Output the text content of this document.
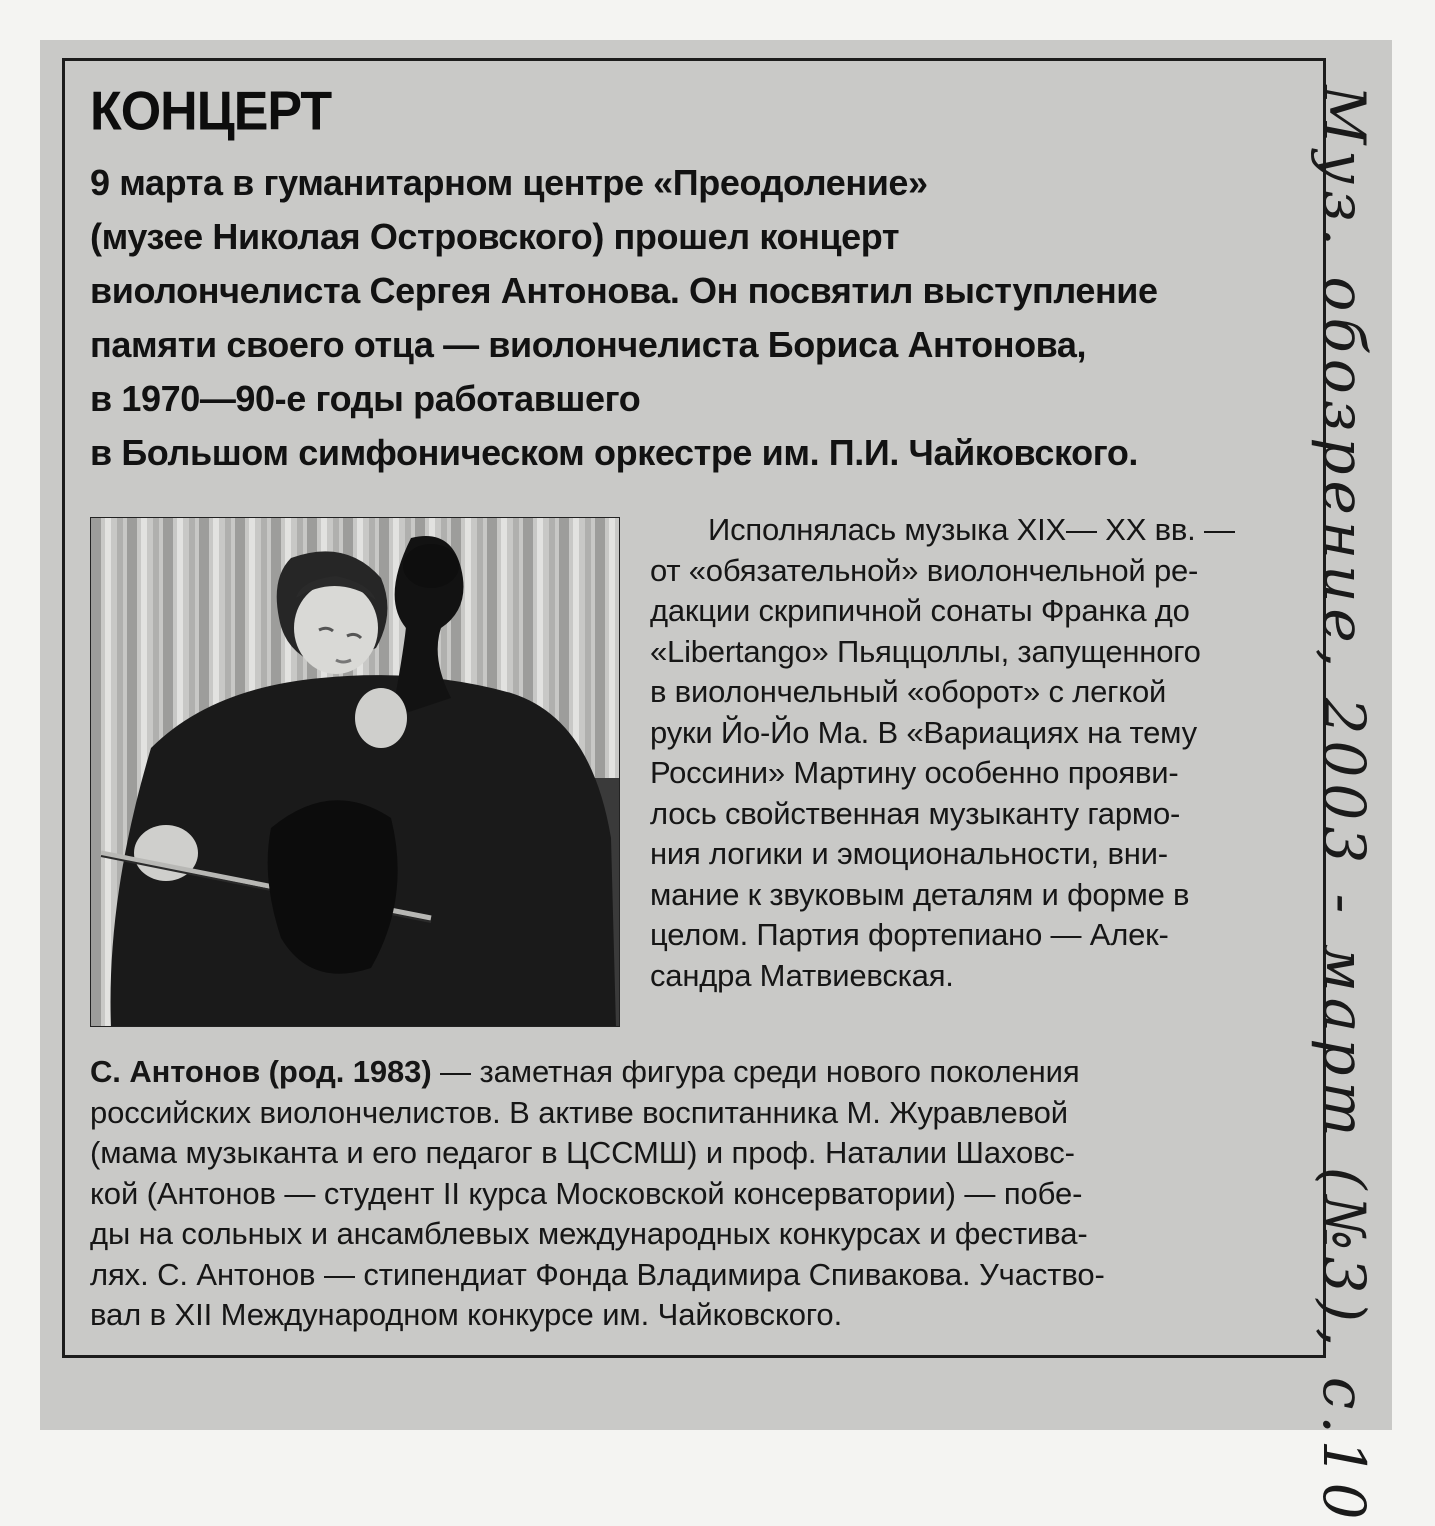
КОНЦЕРТ
9 марта в гуманитарном центре «Преодоление»
(музее Николая Островского) прошел концерт
виолончелиста Сергея Антонова. Он посвятил выступление
памяти своего отца — виолончелиста Бориса Антонова,
в 1970—90-е годы работавшего
в Большом симфоническом оркестре им. П.И. Чайковского.
Исполнялась музыка XIX— XX вв. —
от «обязательной» виолончельной ре-
дакции скрипичной сонаты Франка до
«Libertango» Пьяццоллы, запущенного
в виолончельный «оборот» с легкой
руки Йо-Йо Ма. В «Вариациях на тему
Россини» Мартину особенно прояви-
лось свойственная музыканту гармо-
ния логики и эмоциональности, вни-
мание к звуковым деталям и форме в
целом. Партия фортепиано — Алек-
сандра Матвиевская.
С. Антонов (род. 1983) — заметная фигура среди нового поколения
российских виолончелистов. В активе воспитанника М. Журавлевой
(мама музыканта и его педагог в ЦССМШ) и проф. Наталии Шаховс-
кой (Антонов — студент II курса Московской консерватории) — побе-
ды на сольных и ансамблевых международных конкурсах и фестива-
лях. С. Антонов — стипендиат Фонда Владимира Спивакова. Участво-
вал в XII Международном конкурсе им. Чайковского.	Муз. обозрение, 2003 - март (№3), с.10
